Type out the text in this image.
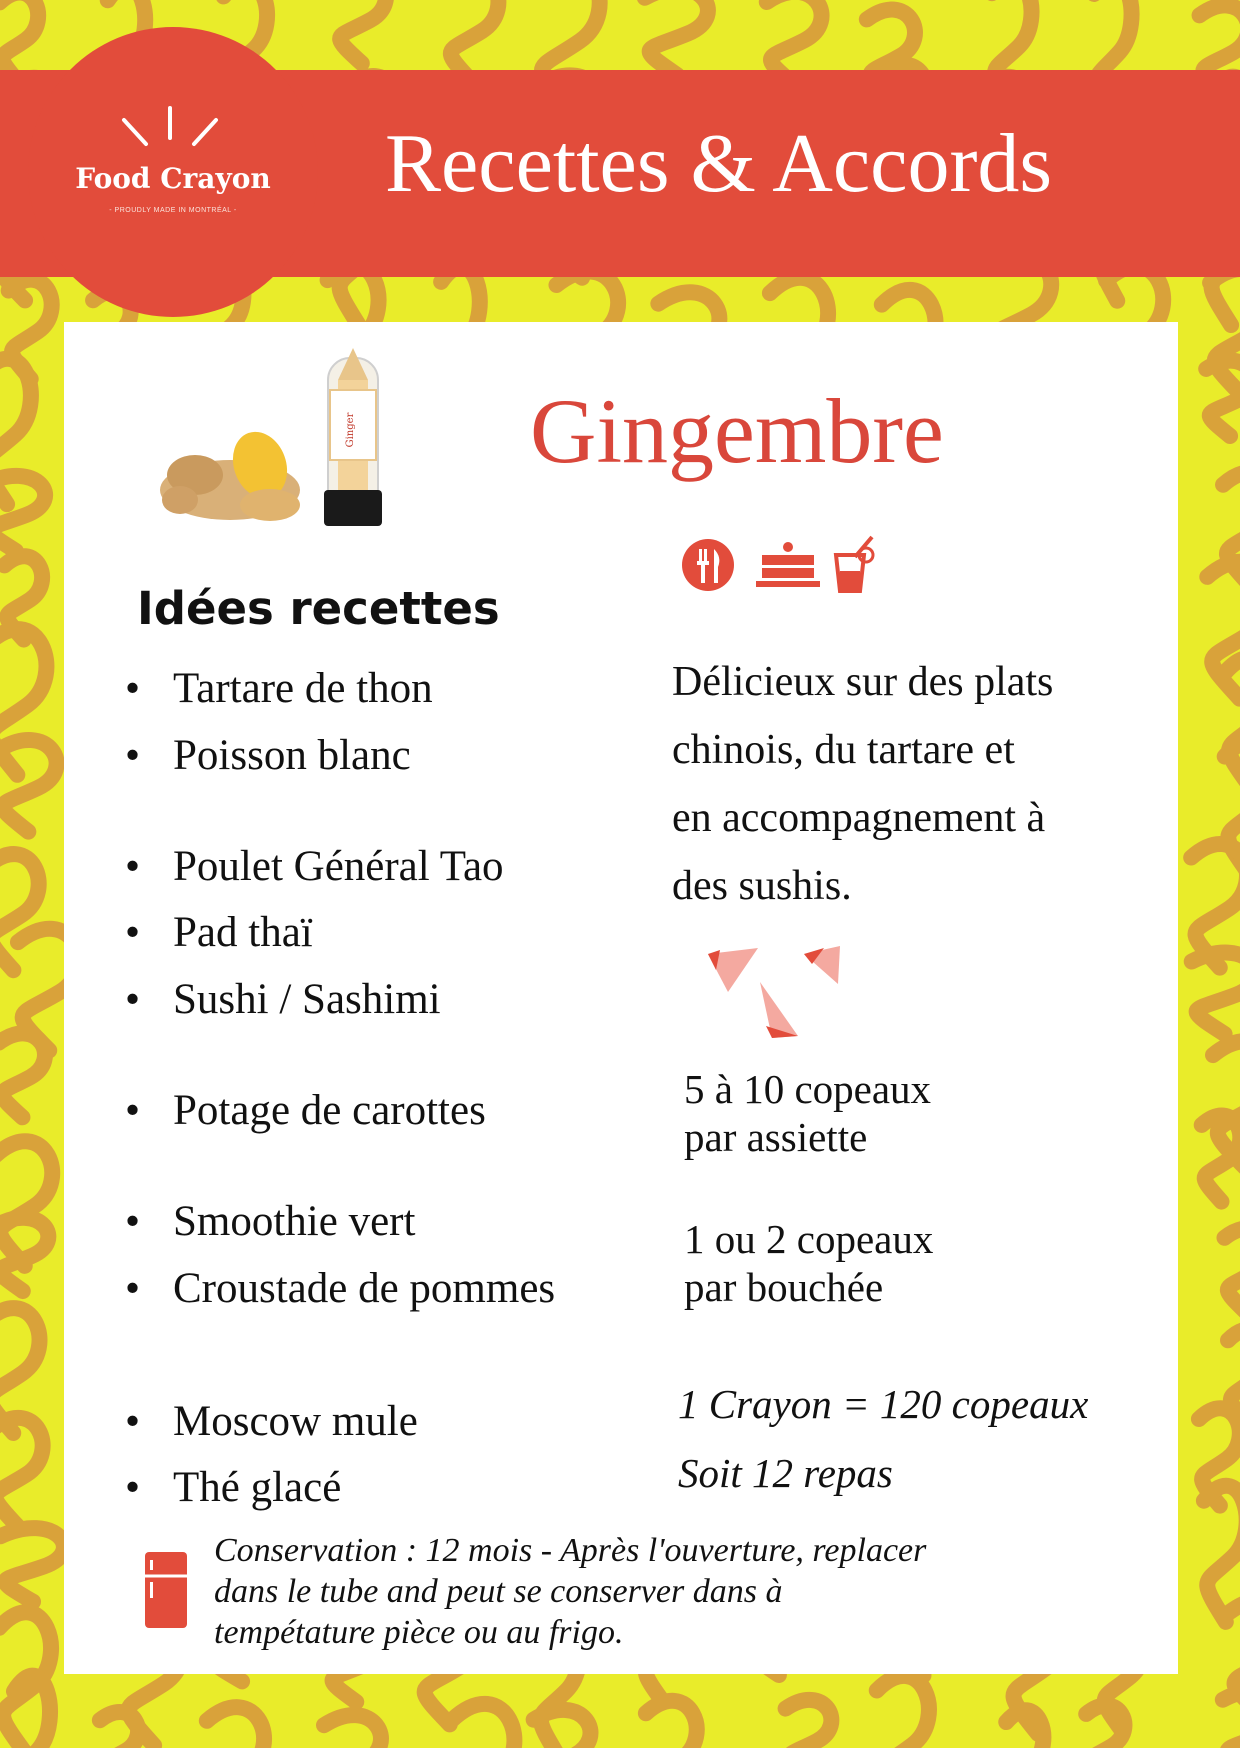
Food Crayon
- PROUDLY MADE IN MONTRÉAL -
Recettes & Accords
Ginger Gingembre
Idées recettes
• Tartare de thon
• Poisson blanc
• Poulet Général Tao
• Pad thaï
• Sushi / Sashimi
• Potage de carottes
• Smoothie vert
• Croustade de pommes
• Moscow mule
• Thé glacé
Délicieux sur des plats
chinois, du tartare et
en accompagnement à
des sushis.
5 à 10 copeaux
par assiette
1 ou 2 copeaux
par bouchée
1 Crayon = 120 copeaux
Soit 12 repas
Conservation : 12 mois - Après l'ouverture, replacer
dans le tube and peut se conserver dans à
tempétature pièce ou au frigo.
